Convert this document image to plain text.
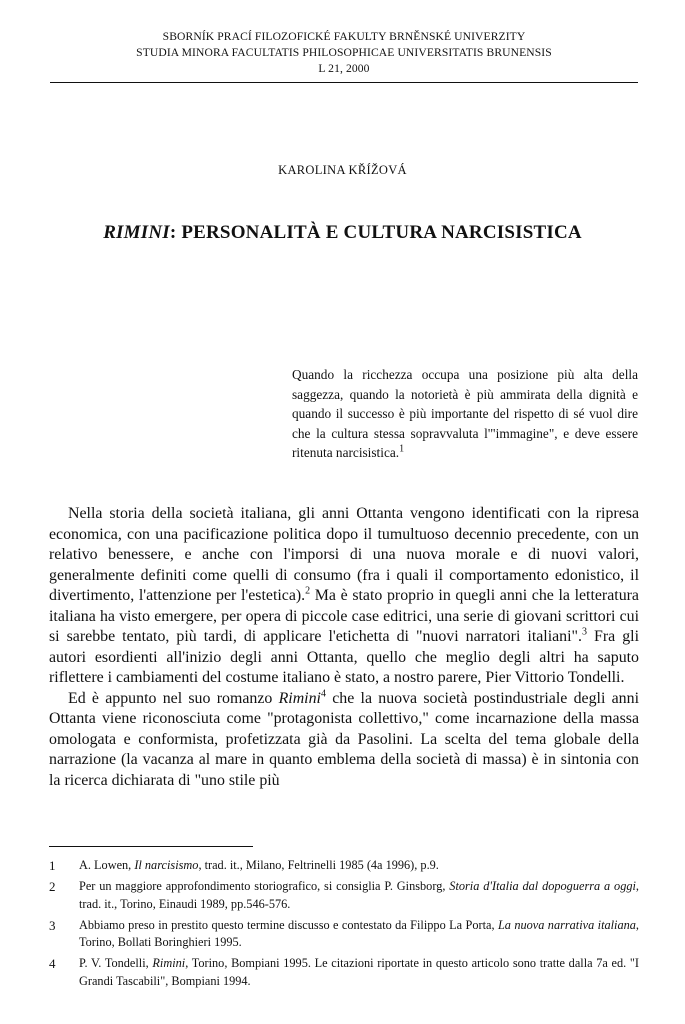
SBORNÍK PRACÍ FILOZOFICKÉ FAKULTY BRNĚNSKÉ UNIVERZITY
STUDIA MINORA FACULTATIS PHILOSOPHICAE UNIVERSITATIS BRUNENSIS
L 21, 2000
KAROLINA KŘÍŽOVÁ
RIMINI: PERSONALITÀ E CULTURA NARCISISTICA

Quando la ricchezza occupa una posizione più alta della saggezza, quando la notorietà è più ammirata della dignità e quando il successo è più importante del rispetto di sé vuol dire che la cultura stessa sopravvaluta l'"immagine", e deve essere ritenuta narcisistica.$^1$

Nella storia della società italiana, gli anni Ottanta vengono identificati con la ripresa economica, con una pacificazione politica dopo il tumultuoso decennio precedente, con un relativo benessere, e anche con l'imporsi di una nuova morale e di nuovi valori, generalmente definiti come quelli di consumo (fra i quali il comportamento edonistico, il divertimento, l'attenzione per l'estetica).$^2$ Ma è stato proprio in quegli anni che la letteratura italiana ha visto emergere, per opera di piccole case editrici, una serie di giovani scrittori cui si sarebbe tentato, più tardi, di applicare l'etichetta di "nuovi narratori italiani".$^3$ Fra gli autori esordienti all'inizio degli anni Ottanta, quello che meglio degli altri ha saputo riflettere i cambiamenti del costume italiano è stato, a nostro parere, Pier Vittorio Tondelli.

Ed è appunto nel suo romanzo Rimini$^4$ che la nuova società postindustriale degli anni Ottanta viene riconosciuta come "protagonista collettivo," come incarnazione della massa omologata e conformista, profetizzata già da Pasolini. La scelta del tema globale della narrazione (la vacanza al mare in quanto emblema della società di massa) è in sintonia con la ricerca dichiarata di "uno stile più

1 A. Lowen, Il narcisismo, trad. it., Milano, Feltrinelli 1985 (4a 1996), p.9.
2 Per un maggiore approfondimento storiografico, si consiglia P. Ginsborg, Storia d'Italia dal dopoguerra a oggi, trad. it., Torino, Einaudi 1989, pp.546-576.
3 Abbiamo preso in prestito questo termine discusso e contestato da Filippo La Porta, La nuova narrativa italiana, Torino, Bollati Boringhieri 1995.
4 P. V. Tondelli, Rimini, Torino, Bompiani 1995. Le citazioni riportate in questo articolo sono tratte dalla 7a ed. "I Grandi Tascabili", Bompiani 1994.
